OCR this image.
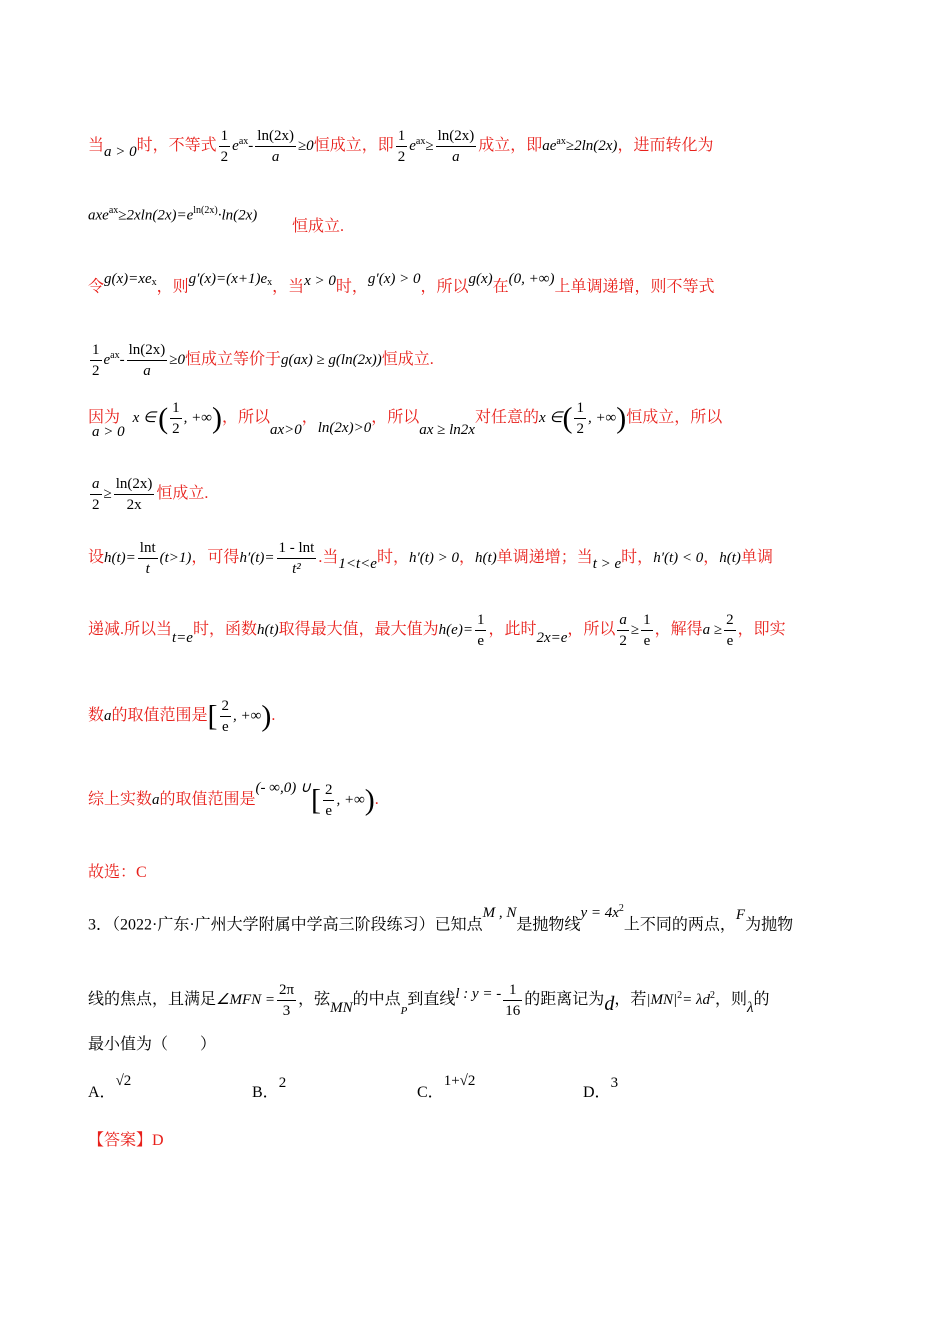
当a > 0时，不等式 $\frac{1}{2} e^{ax}- \frac{\ln(2x)}{a} \ge 0$恒成立，即 $\frac{1}{2} e^{ax}\ge \frac{\ln(2x)}{a}$ 成立，即$ae^{ax}\ge 2\ln(2x)$，进而转化为
$axe^{ax}\ge 2xln(2x)=e^{ln(2x)}\cdot\ln(2x)$
恒成立.
令$g(x)=xe^x$，则$g'(x)=(x+1)e^x$，当x > 0时，g′(x) > 0，所以g(x)在(0, +∞)上单调递增，则不等式
$\frac{1}{2} e^{ax}- \frac{\ln(2x)}{a} \ge 0$恒成立等价于g(ax) ≥ g(ln(2x))恒成立.
因为a > 0x ∈( $\frac{1}{2}$ , +∞)，所以ax>0，ln(2x)>0，所以ax ≥ ln2x对任意的x ∈( $\frac{1}{2}$ , +∞)恒成立，所以
$\frac{a}{2} \ge \frac{\ln(2x)}{2x}$ 恒成立.
设$h(t)= \frac{\ln t}{t} (t>1)$，可得$h'(t)= \frac{1 - \ln t}{\text{t²}}$ .当1<t<e时，h′(t) > 0，h(t)单调递增；当t > e时，h′(t) < 0，h(t)单调
递减.所以当t=e时，函数h(t)取得最大值，最大值为$h(e)= \frac{1}{e}$ ，此时2x=e，所以 $\frac{a}{2} \ge \frac{1}{e}$ ，解得$a \ge \frac{2}{e}$ ，即实
数a的取值范围是[ $\frac{2}{e}$ , +∞).
综上实数a的取值范围是(- ∞,0) ∪[ $\frac{2}{e}$ , +∞).
故选：C
3．（2022·广东·广州大学附属中学高三阶段练习）已知点M , N是抛物线$y = 4x^2$上不同的两点，F为抛物
线的焦点，且满足∠MFN = $\frac{2\pi}{3}$ ，弦MN的中点$_P$到直线l : y = - $\frac{1}{16}$ 的距离记为d，若$|MN|^2= \lambda d^2$，则λ的
最小值为（　　）
A．√2
B．2
C．1+√2
D．3
【答案】D
